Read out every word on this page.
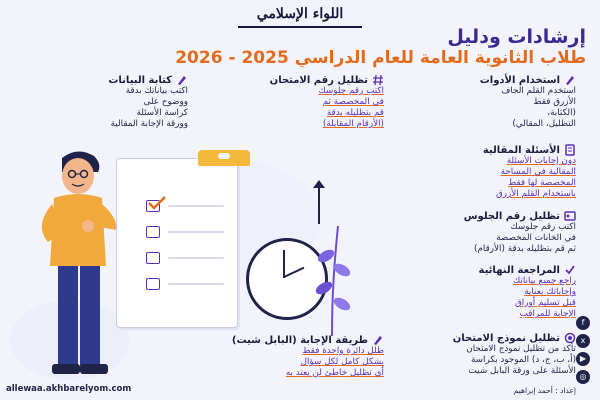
اللواء الإسلامي
إرشادات ودليل
طلاب الثانوية العامة للعام الدراسي 2025 - 2026
استخدام الأدوات
استخدم القلم الجاف
الأزرق فقط
(الكتابة،
التظليل، المقالي)
الأسئلة المقالية
دون إجابات الأسئلة
المقالية في المساحة
المخصصة لها فقط
باستخدام القلم الأزرق
تظليل رقم الجلوس
اكتب رقم جلوسك
في الخانات المخصصة
ثم قم بتظليله بدقة (الأرقام)
المراجعة النهائية
راجع جميع بياناتك
وإجاباتك بعناية
قبل تسليم أوراق
الإجابة للمراقب
تظليل نموذج الامتحان
تأكد من تظليل نموذج الامتحان
(أ، ب، ج، د) الموجود بكراسة
الأسئلة على ورقة البابل شيت
تظليل رقم الامتحان
اكتب رقم جلوسك
في المخصصة ثم
قم بتظليله بدقة
(الأرقام المقابلة)
طريقة الإجابة (البابل شيت)
ظلل دائرة واحدة فقط
بشكل كامل لكل سؤال
أي تظليل خاطئ لن يعتد به
كتابة البيانات
اكتب بياناتك بدقة
ووضوح على
كراسة الأسئلة
وورقة الإجابة المقالية
f
x
▶
◎
allewaa.akhbarelyom.com	إعداد : أحمد إبراهيم
